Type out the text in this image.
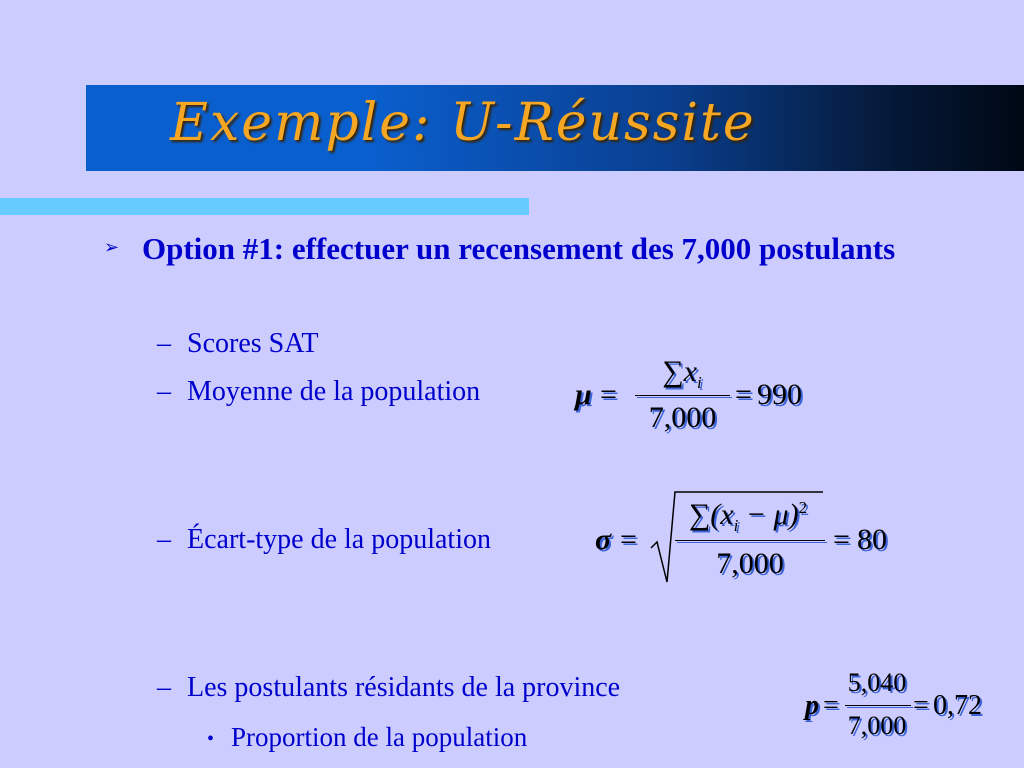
Exemple: U-Réussite
➢ Option #1: effectuer un recensement des 7,000 postulants
– Scores SAT
– Moyenne de la population
– Écart-type de la population
– Les postulants résidants de la province
• Proportion de la population
μ =
$\sum x_i$
7,000
= 990
σ =
$\sum(x_i - \mu)^2$
7,000
= 80
p =
5,040
7,000
= 0,72
